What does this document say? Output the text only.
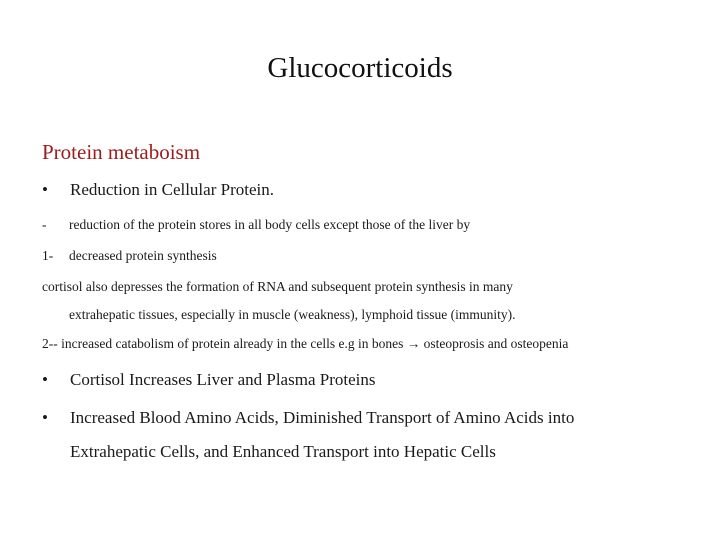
Glucocorticoids
Protein metaboism
• Reduction in Cellular Protein.
- reduction of the protein stores in all body cells except those of the liver by
1- decreased protein synthesis
cortisol also depresses the formation of RNA and subsequent protein synthesis in many
extrahepatic tissues, especially in muscle (weakness), lymphoid tissue (immunity).
2-- increased catabolism of protein already in the cells e.g in bones → osteoprosis and osteopenia
• Cortisol Increases Liver and Plasma Proteins
• Increased Blood Amino Acids, Diminished Transport of Amino Acids into
Extrahepatic Cells, and Enhanced Transport into Hepatic Cells
